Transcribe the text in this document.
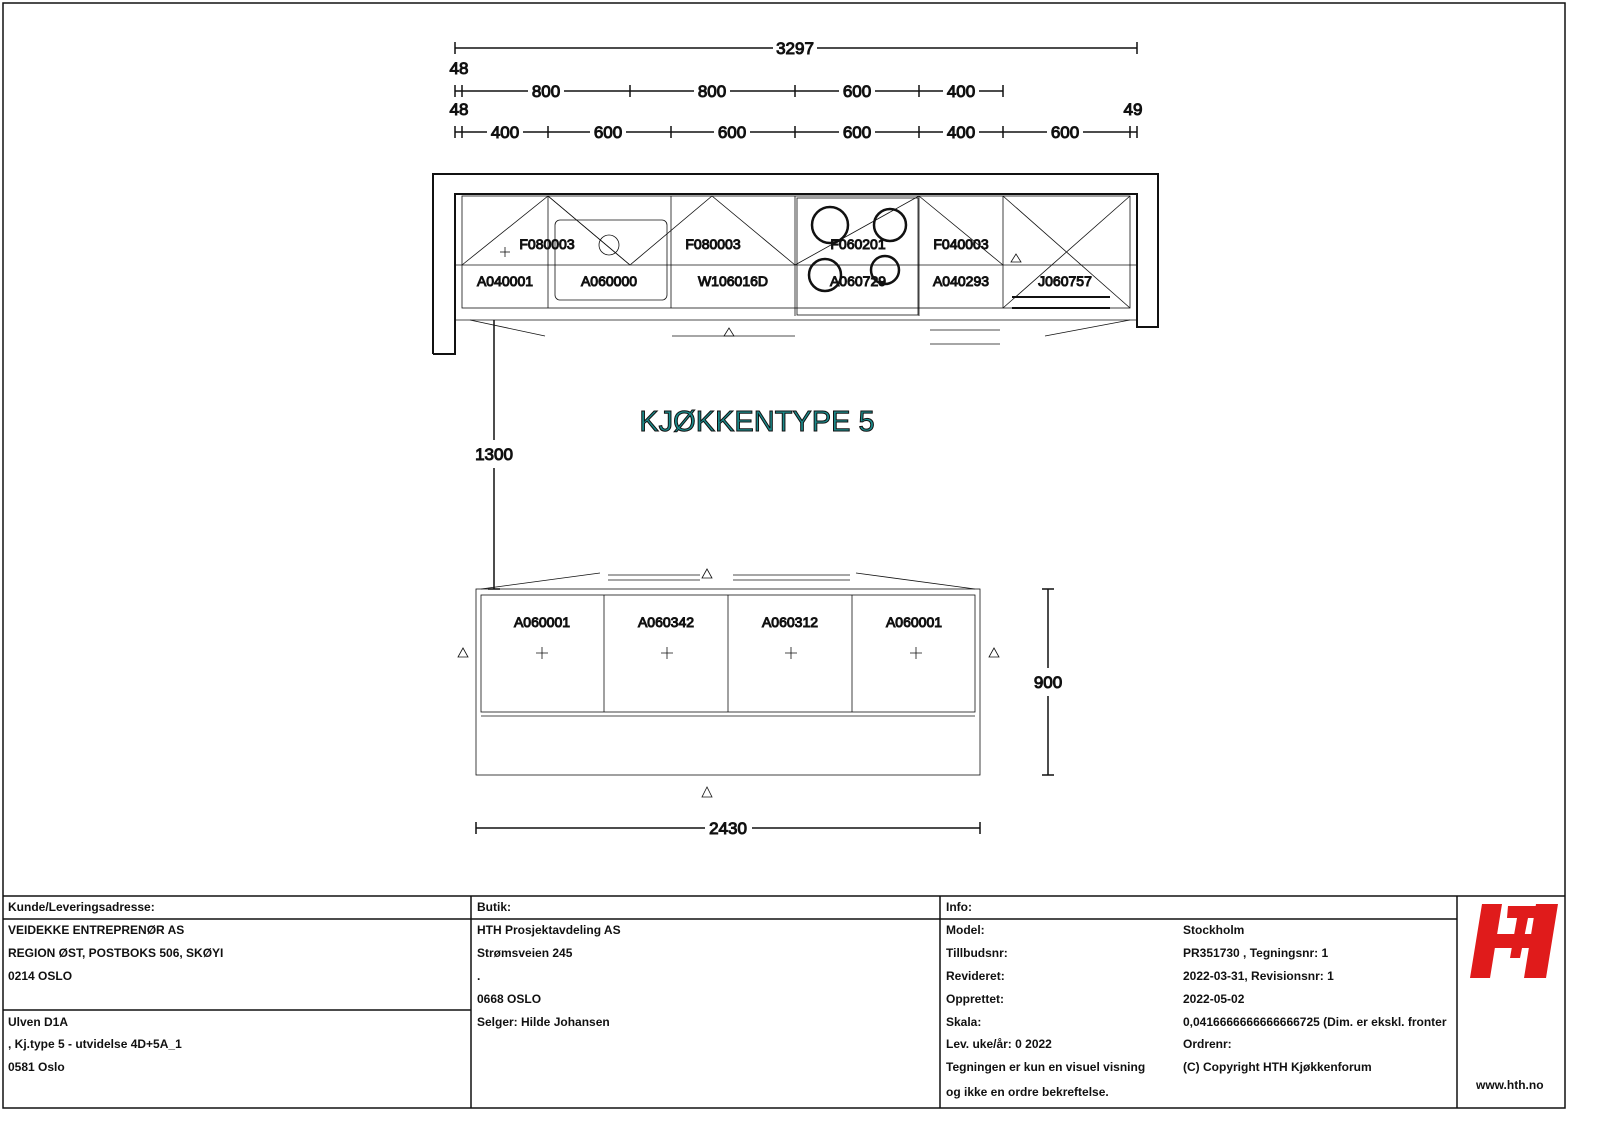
3297
48
800	800	600	400
48
400	600	600	600	400	600
49
F080003	F080003	F060201	F040003
A040001	A060000	W106016D	A060729	A040293	J060757
KJØKKENTYPE 5
1300
A060001	A060342	A060312	A060001
2430
900
Kunde/Leveringsadresse:
VEIDEKKE ENTREPRENØR AS
REGION ØST, POSTBOKS 506, SKØYI
0214 OSLO
Ulven D1A
, Kj.type 5 - utvidelse 4D+5A_1
0581 Oslo
Butik:
HTH Prosjektavdeling AS
Strømsveien 245
.
0668 OSLO
Selger: Hilde Johansen
Info:
Model:	Stockholm
Tillbudsnr:	PR351730 , Tegningsnr: 1
Revideret:	2022-03-31, Revisionsnr: 1
Opprettet:	2022-05-02
Skala:	0,0416666666666666725 (Dim. er ekskl. fronter
Lev. uke/år: 0 2022	Ordrenr:
Tegningen er kun en visuel visning	(C) Copyright HTH Kjøkkenforum
og ikke en ordre bekreftelse.	www.hth.no
